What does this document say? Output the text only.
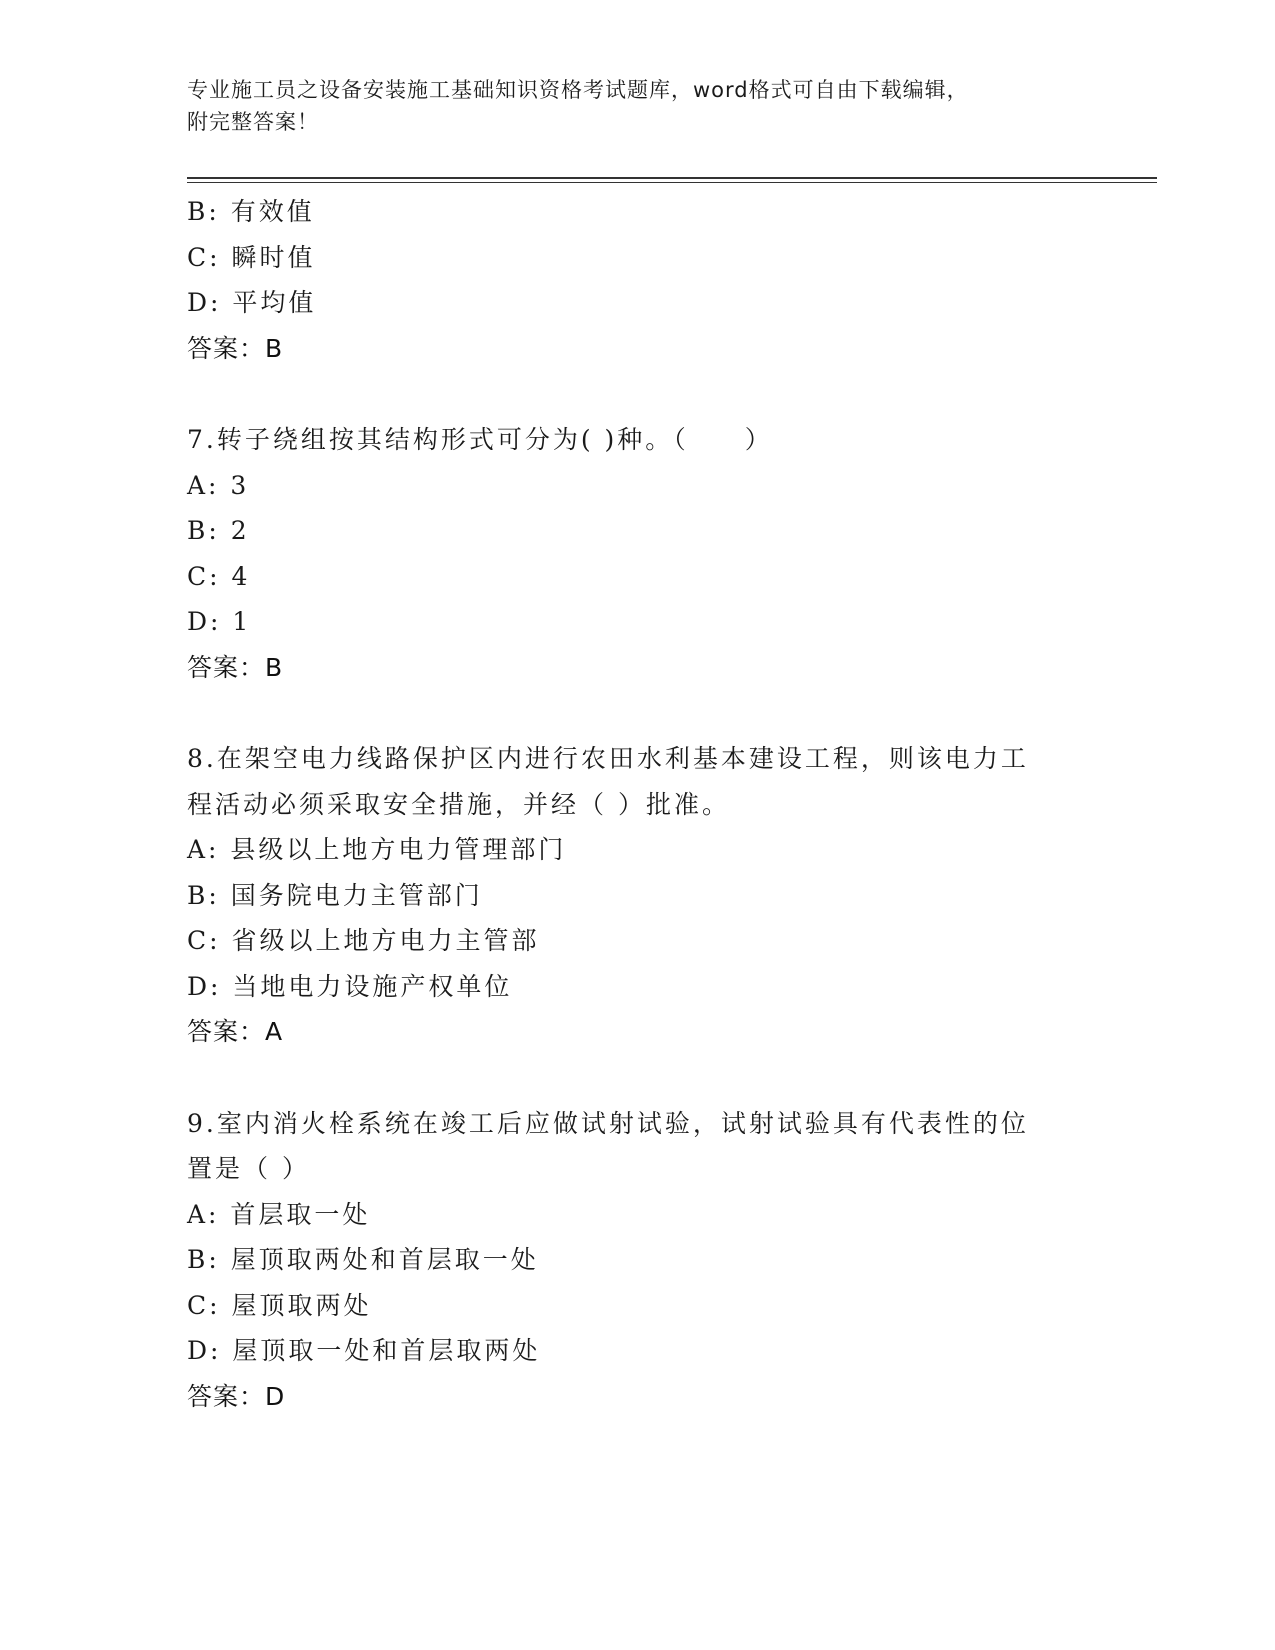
专业施工员之设备安装施工基础知识资格考试题库，word格式可自由下载编辑，
附完整答案！
B: 有效值
C: 瞬时值
D: 平均值
答案：B
7.转子绕组按其结构形式可分为( )种。（　　）
A: 3
B: 2
C: 4
D: 1
答案：B
8.在架空电力线路保护区内进行农田水利基本建设工程，则该电力工
程活动必须采取安全措施，并经（ ）批准。
A: 县级以上地方电力管理部门
B: 国务院电力主管部门
C: 省级以上地方电力主管部
D: 当地电力设施产权单位
答案：A
9.室内消火栓系统在竣工后应做试射试验，试射试验具有代表性的位
置是（ ）
A: 首层取一处
B: 屋顶取两处和首层取一处
C: 屋顶取两处
D: 屋顶取一处和首层取两处
答案：D
